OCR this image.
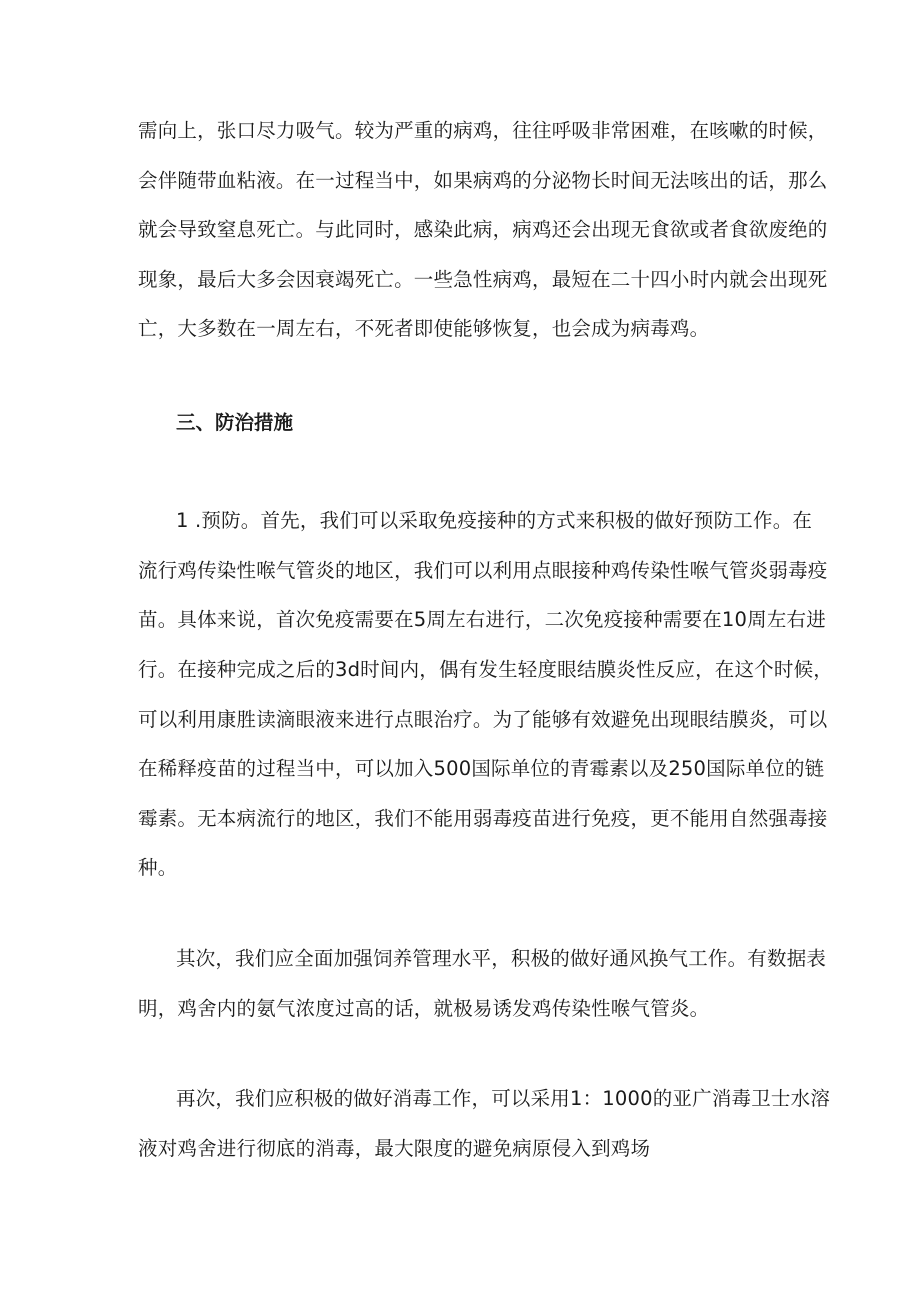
需向上，张口尽力吸气。较为严重的病鸡，往往呼吸非常困难，在咳嗽的时候，

会伴随带血粘液。在一过程当中，如果病鸡的分泌物长时间无法咳出的话，那么

就会导致窒息死亡。与此同时，感染此病，病鸡还会出现无食欲或者食欲废绝的

现象，最后大多会因衰竭死亡。一些急性病鸡，最短在二十四小时内就会出现死

亡，大多数在一周左右，不死者即使能够恢复，也会成为病毒鸡。

三、防治措施

1 .预防。首先，我们可以采取免疫接种的方式来积极的做好预防工作。在

流行鸡传染性喉气管炎的地区，我们可以利用点眼接种鸡传染性喉气管炎弱毒疫

苗。具体来说，首次免疫需要在5周左右进行，二次免疫接种需要在10周左右进

行。在接种完成之后的3d时间内，偶有发生轻度眼结膜炎性反应，在这个时候，

可以利用康胜读滴眼液来进行点眼治疗。为了能够有效避免出现眼结膜炎，可以

在稀释疫苗的过程当中，可以加入500国际单位的青霉素以及250国际单位的链

霉素。无本病流行的地区，我们不能用弱毒疫苗进行免疫，更不能用自然强毒接

种。

其次，我们应全面加强饲养管理水平，积极的做好通风换气工作。有数据表

明，鸡舍内的氨气浓度过高的话，就极易诱发鸡传染性喉气管炎。

再次，我们应积极的做好消毒工作，可以采用1：1000的亚广消毒卫士水溶

液对鸡舍进行彻底的消毒，最大限度的避免病原侵入到鸡场
